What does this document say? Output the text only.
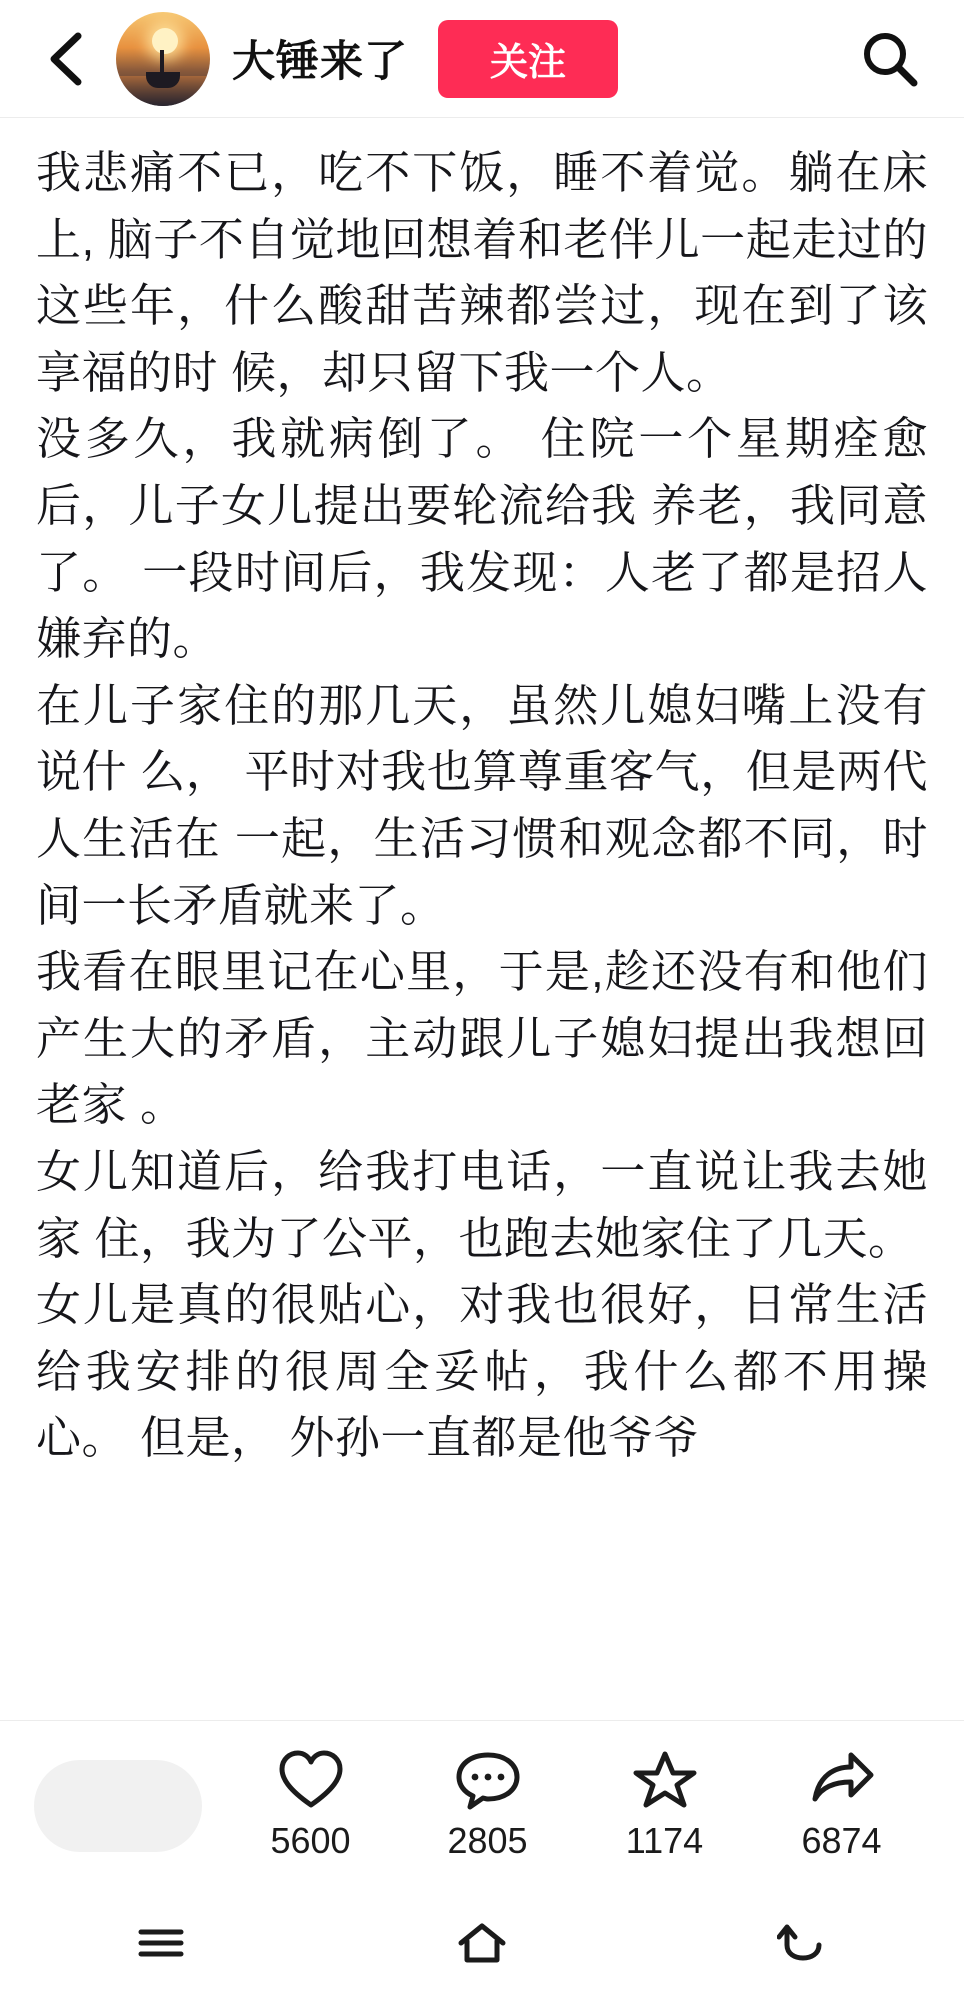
大锤来了	关注

我悲痛不已，吃不下饭，睡不着觉。躺在床上, 脑子不自觉地回想着和老伴儿一起走过的这些年，什么酸甜苦辣都尝过，现在到了该享福的时 候，却只留下我一个人。

没多久，我就病倒了。 住院一个星期痊愈后，儿子女儿提出要轮流给我 养老，我同意了。 一段时间后，我发现：人老了都是招人嫌弃的。

在儿子家住的那几天，虽然儿媳妇嘴上没有说什 么， 平时对我也算尊重客气，但是两代人生活在 一起，生活习惯和观念都不同，时间一长矛盾就来了。

我看在眼里记在心里，于是,趁还没有和他们产生大的矛盾，主动跟儿子媳妇提出我想回老家 。

女儿知道后，给我打电话，一直说让我去她家 住，我为了公平，也跑去她家住了几天。

女儿是真的很贴心，对我也很好，日常生活给我安排的很周全妥帖，我什么都不用操心。 但是， 外孙一直都是他爷爷

5600	2805	1174	6874
